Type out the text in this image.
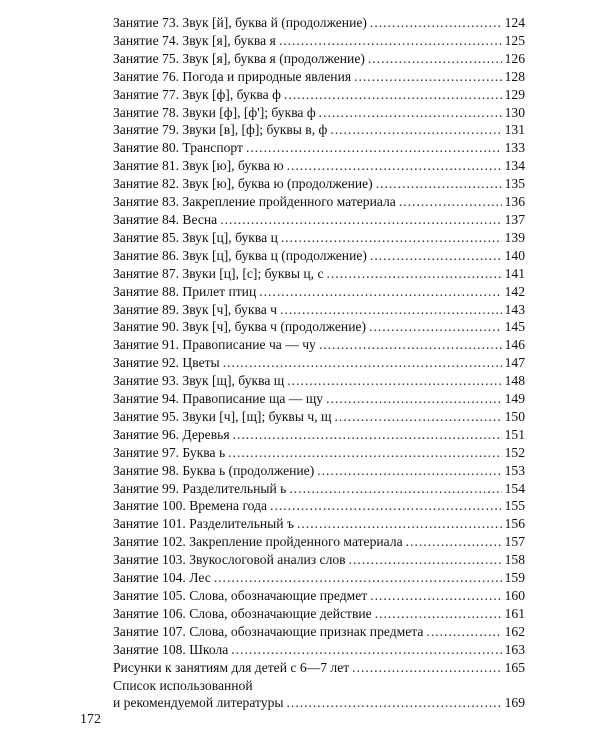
Занятие 73. Звук [й], буква й (продолжение) .....	124
Занятие 74. Звук [я], буква я .....	125
Занятие 75. Звук [я], буква я (продолжение) .....	126
Занятие 76. Погода и природные явления .....	128
Занятие 77. Звук [ф], буква ф .....	129
Занятие 78. Звуки [ф], [ф']; буква ф .....	130
Занятие 79. Звуки [в], [ф]; буквы в, ф .....	131
Занятие 80. Транспорт .....	133
Занятие 81. Звук [ю], буква ю .....	134
Занятие 82. Звук [ю], буква ю (продолжение) .....	135
Занятие 83. Закрепление пройденного материала .....	136
Занятие 84. Весна .....	137
Занятие 85. Звук [ц], буква ц .....	139
Занятие 86. Звук [ц], буква ц (продолжение) .....	140
Занятие 87. Звуки [ц], [с]; буквы ц, с .....	141
Занятие 88. Прилет птиц .....	142
Занятие 89. Звук [ч], буква ч .....	143
Занятие 90. Звук [ч], буква ч (продолжение) .....	145
Занятие 91. Правописание ча — чу .....	146
Занятие 92. Цветы .....	147
Занятие 93. Звук [щ], буква щ .....	148
Занятие 94. Правописание ща — щу .....	149
Занятие 95. Звуки [ч], [щ]; буквы ч, щ .....	150
Занятие 96. Деревья .....	151
Занятие 97. Буква ь .....	152
Занятие 98. Буква ь (продолжение) .....	153
Занятие 99. Разделительный ь .....	154
Занятие 100. Времена года .....	155
Занятие 101. Разделительный ъ .....	156
Занятие 102. Закрепление пройденного материала .....	157
Занятие 103. Звукослоговой анализ слов .....	158
Занятие 104. Лес .....	159
Занятие 105. Слова, обозначающие предмет .....	160
Занятие 106. Слова, обозначающие действие .....	161
Занятие 107. Слова, обозначающие признак предмета .....	162
Занятие 108. Школа .....	163
Рисунки к занятиям для детей с 6—7 лет .....	165
Список использованной
и рекомендуемой литературы .....	169
172
